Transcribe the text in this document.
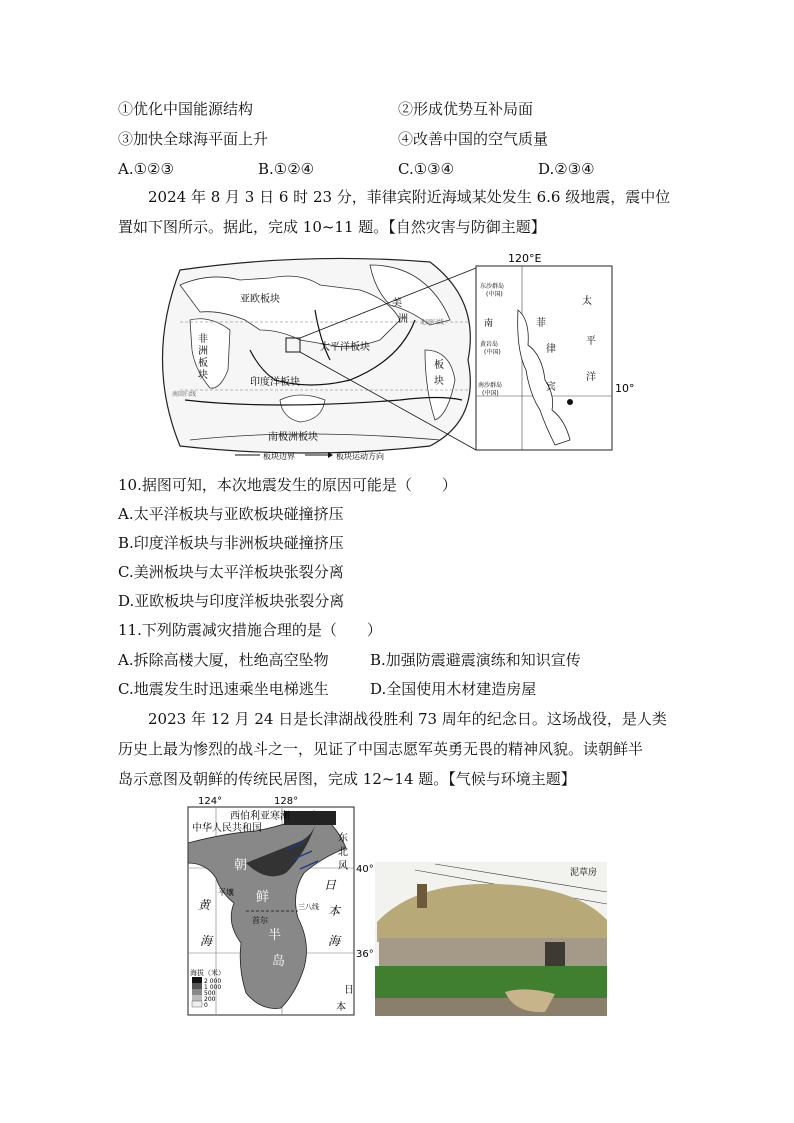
①优化中国能源结构	②形成优势互补局面
③加快全球海平面上升	④改善中国的空气质量
A.①②③	B.①②④	C.①③④	D.②③④
2024 年 8 月 3 日 6 时 23 分，菲律宾附近海域某处发生 6.6 级地震，震中位
置如下图所示。据此，完成 10~11 题。【自然灾害与防御主题】
亚欧板块
太平洋板块
印度洋板块
南极洲板块
非
洲
板
块
美
洲
板
块
北回归线
南回归线
板块边界	板块运动方向
120°E
10°
东沙群岛
(中国)
黄岩岛
(中国)
南沙群岛
(中国)
南	菲
律
宾
太
平
洋
10.据图可知，本次地震发生的原因可能是（　　）
A.太平洋板块与亚欧板块碰撞挤压
B.印度洋板块与非洲板块碰撞挤压
C.美洲板块与太平洋板块张裂分离
D.亚欧板块与印度洋板块张裂分离
11.下列防震减灾措施合理的是（　　）
A.拆除高楼大厦，杜绝高空坠物	B.加强防震避震演练和知识宣传
C.地震发生时迅速乘坐电梯逃生	D.全国使用木材建造房屋
2023 年 12 月 24 日是长津湖战役胜利 73 周年的纪念日。这场战役，是人类
历史上最为惨烈的战斗之一，见证了中国志愿军英勇无畏的精神风貌。读朝鲜半
岛示意图及朝鲜的传统民居图，完成 12~14 题。【气候与环境主题】
124°	128°
40°
36°
西伯利亚寒潮
中华人民共和国
东
北
风
朝
鲜
半
岛
平壤
首尔
三八线
黄
海
日
本
海
日
本
海拔（米）
2 000
1 000
500
200
0
泥草房
